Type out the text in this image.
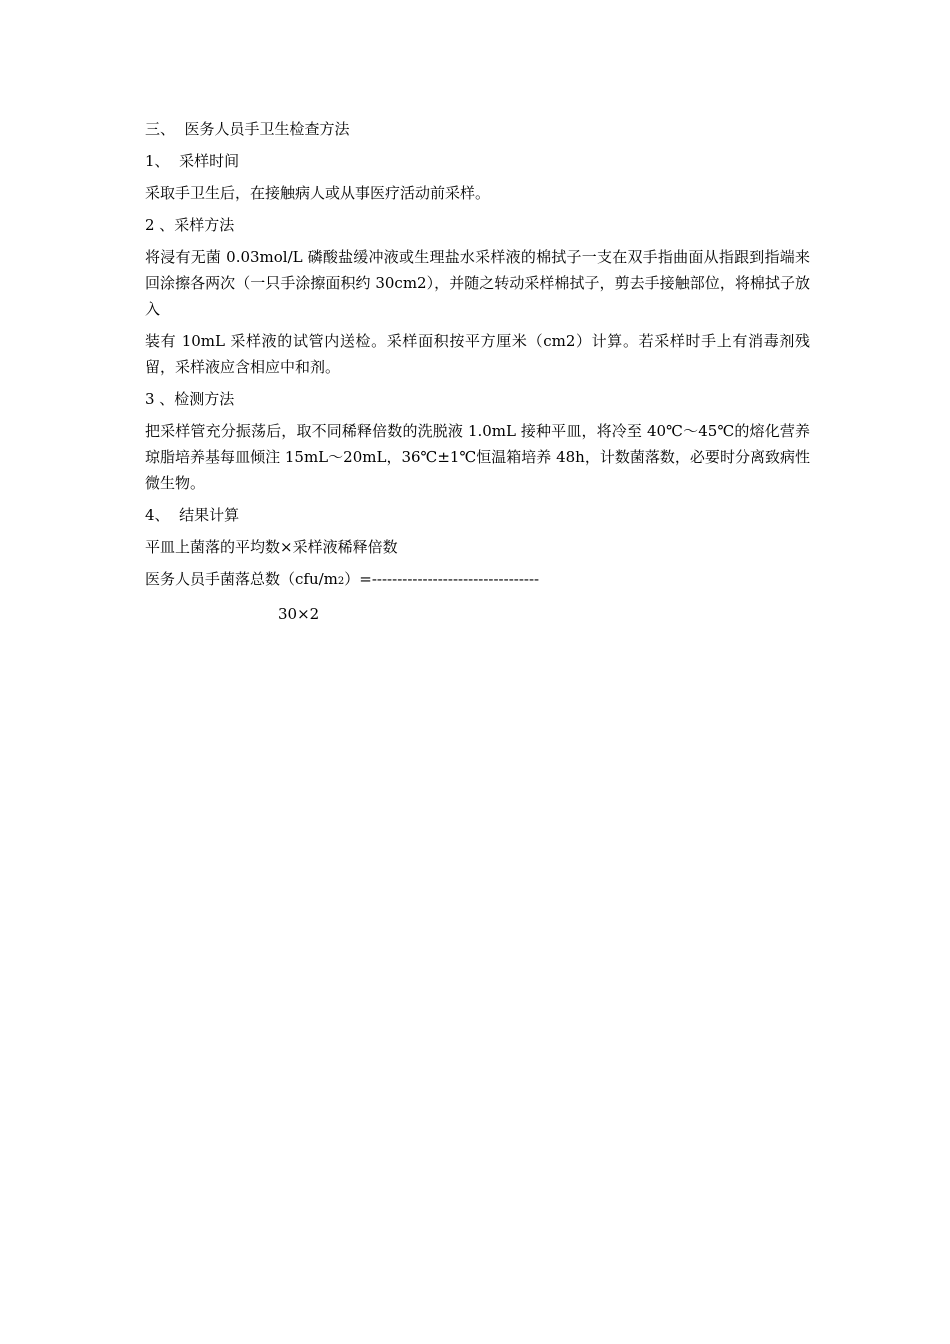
三、  医务人员手卫生检查方法

1、  采样时间

采取手卫生后，在接触病人或从事医疗活动前采样。

2 、采样方法

将浸有无菌 0.03mol/L 磷酸盐缓冲液或生理盐水采样液的棉拭子一支在双手指曲面从指跟到指端来回涂擦各两次（一只手涂擦面积约 30cm2），并随之转动采样棉拭子，剪去手接触部位，将棉拭子放入

装有 10mL 采样液的试管内送检。采样面积按平方厘米（cm2）计算。若采样时手上有消毒剂残留，采样液应含相应中和剂。

3 、检测方法

把采样管充分振荡后，取不同稀释倍数的洗脱液 1.0mL 接种平皿，将冷至 40℃～45℃的熔化营养琼脂培养基每皿倾注 15mL～20mL，36℃±1℃恒温箱培养 48h，计数菌落数，必要时分离致病性微生物。

4、  结果计算

平皿上菌落的平均数×采样液稀释倍数

医务人员手菌落总数（cfu/m2）=---------------------------------

30×2
